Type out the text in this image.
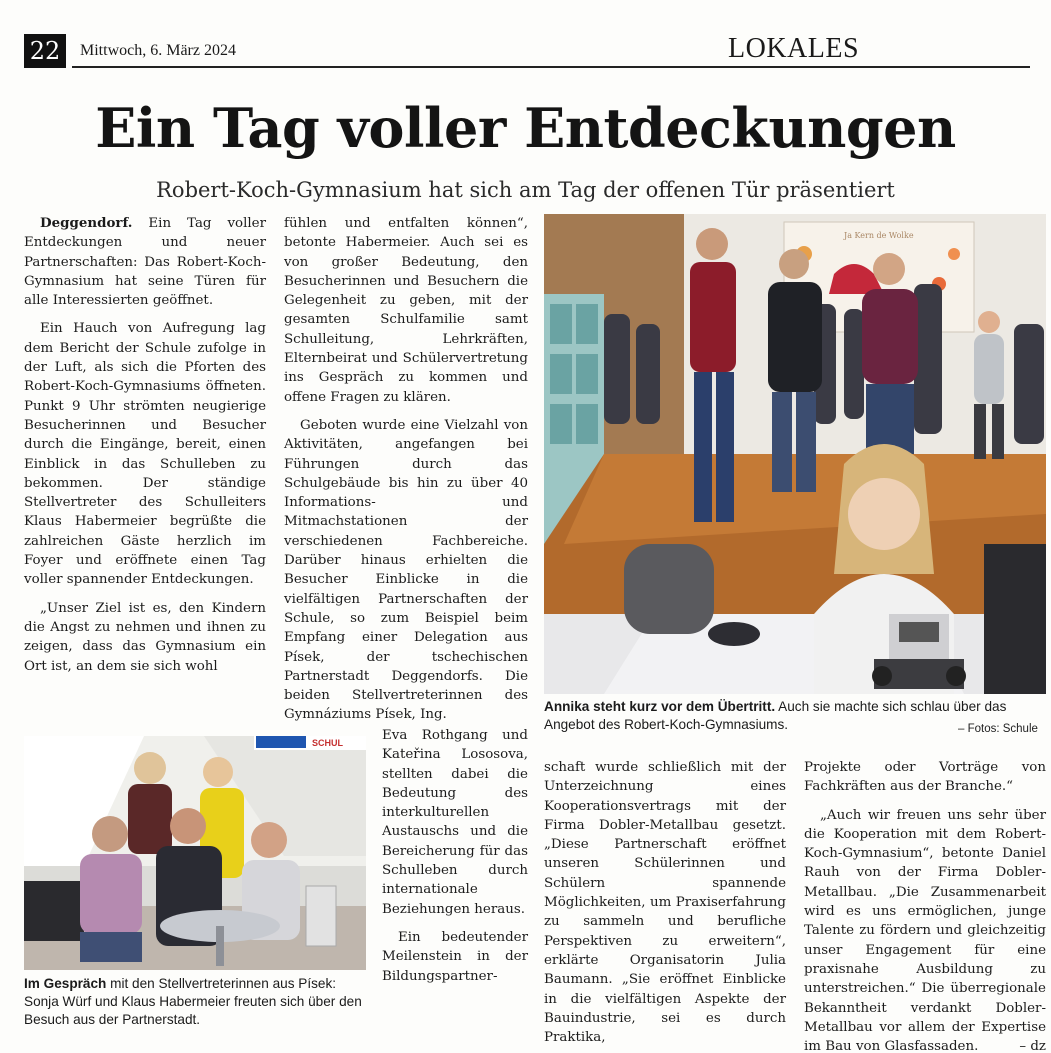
22	Mittwoch, 6. März 2024	LOKALES
Ein Tag voller Entdeckungen
Robert-Koch-Gymnasium hat sich am Tag der offenen Tür präsentiert

Deggendorf. Ein Tag voller Entdeckungen und neuer Partnerschaften: Das Robert-Koch-Gymnasium hat seine Türen für alle Interessierten geöffnet.

Ein Hauch von Aufregung lag dem Bericht der Schule zufolge in der Luft, als sich die Pforten des Robert-Koch-Gymnasiums öffneten. Punkt 9 Uhr strömten neugierige Besucherinnen und Besucher durch die Eingänge, bereit, einen Einblick in das Schulleben zu bekommen. Der ständige Stellvertreter des Schulleiters Klaus Habermeier begrüßte die zahlreichen Gäste herzlich im Foyer und eröffnete einen Tag voller spannender Entdeckungen.

„Unser Ziel ist es, den Kindern die Angst zu nehmen und ihnen zu zeigen, dass das Gymnasium ein Ort ist, an dem sie sich wohl

fühlen und entfalten können“, betonte Habermeier. Auch sei es von großer Bedeutung, den Besucherinnen und Besuchern die Gelegenheit zu geben, mit der gesamten Schulfamilie samt Schulleitung, Lehrkräften, Elternbeirat und Schülervertretung ins Gespräch zu kommen und offene Fragen zu klären.

Geboten wurde eine Vielzahl von Aktivitäten, angefangen bei Führungen durch das Schulgebäude bis hin zu über 40 Informations- und Mitmachstationen der verschiedenen Fachbereiche. Darüber hinaus erhielten die Besucher Einblicke in die vielfältigen Partnerschaften der Schule, so zum Beispiel beim Empfang einer Delegation aus Písek, der tschechischen Partnerstadt Deggendorfs. Die beiden Stellvertreterinnen des Gymnáziums Písek, Ing.

Eva Rothgang und Kateřina Lososova, stellten dabei die Bedeutung des interkulturellen Austauschs und die Bereicherung für das Schulleben durch internationale Beziehungen heraus.

Ein bedeutender Meilenstein in der Bildungspartner-

schaft wurde schließlich mit der Unterzeichnung eines Kooperationsvertrags mit der Firma Dobler-Metallbau gesetzt. „Diese Partnerschaft eröffnet unseren Schülerinnen und Schülern spannende Möglichkeiten, um Praxiserfahrung zu sammeln und berufliche Perspektiven zu erweitern“, erklärte Organisatorin Julia Baumann. „Sie eröffnet Einblicke in die vielfältigen Aspekte der Bauindustrie, sei es durch Praktika,

Projekte oder Vorträge von Fachkräften aus der Branche.“

„Auch wir freuen uns sehr über die Kooperation mit dem Robert-Koch-Gymnasium“, betonte Daniel Rauh von der Firma Dobler-Metallbau. „Die Zusammenarbeit wird es uns ermöglichen, junge Talente zu fördern und gleichzeitig unser Engagement für eine praxisnahe Ausbildung zu unterstreichen.“ Die überregionale Bekanntheit verdankt Dobler-Metallbau vor allem der Expertise im Bau von Glasfassaden.	– dz

Ja Kern de Wolke
Annika steht kurz vor dem Übertritt. Auch sie machte sich schlau über das Angebot des Robert-Koch-Gymnasiums.	– Fotos: Schule
SCHUL
Im Gespräch mit den Stellvertreterinnen aus Písek: Sonja Würf und Klaus Habermeier freuten sich über den Besuch aus der Partnerstadt.
